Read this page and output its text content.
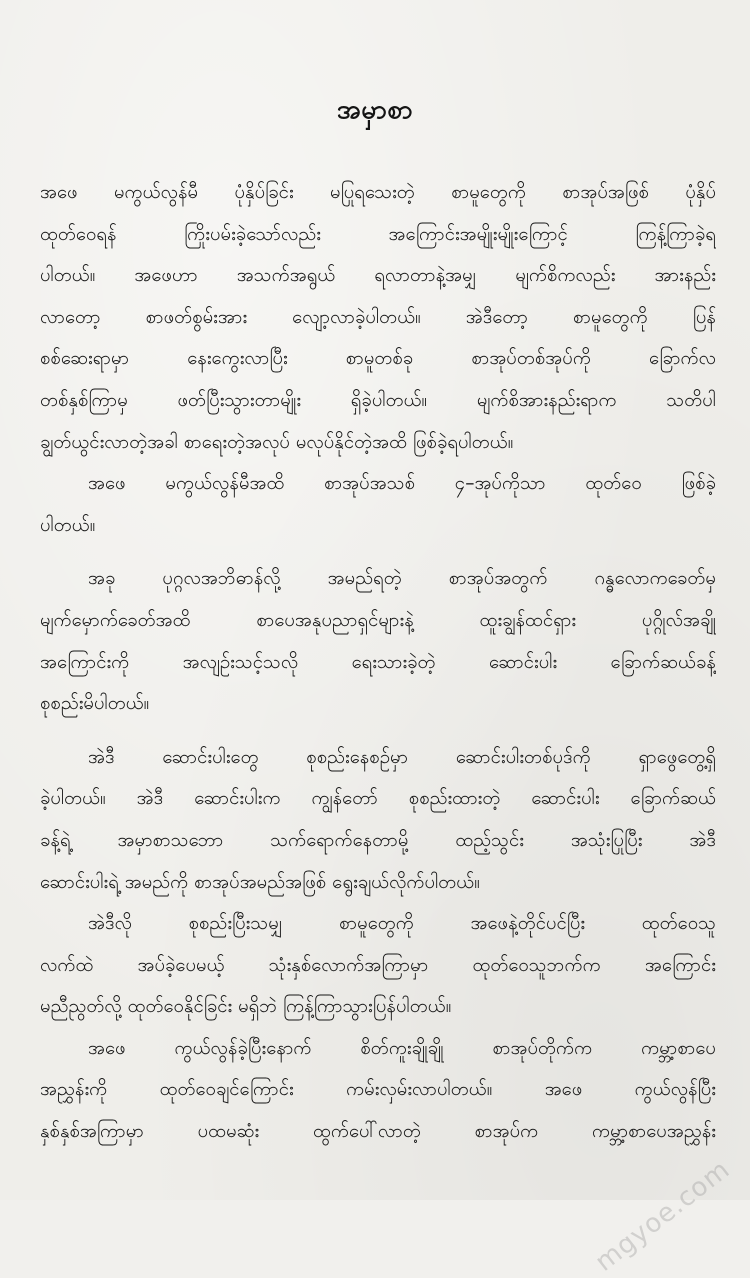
အမှာစာ

အဖေ မကွယ်လွန်မီ ပုံနှိပ်ခြင်း မပြုရသေးတဲ့ စာမူတွေကို စာအုပ်အဖြစ် ပုံနှိပ်
ထုတ်ဝေရန် ကြိုးပမ်းခဲ့သော်လည်း အကြောင်းအမျိုးမျိုးကြောင့် ကြန့်ကြာခဲ့ရ
ပါတယ်။ အဖေဟာ အသက်အရွယ် ရလာတာနဲ့အမျှ မျက်စိကလည်း အားနည်း
လာတော့ စာဖတ်စွမ်းအား လျော့လာခဲ့ပါတယ်။ အဲဒီတော့ စာမူတွေကို ပြန်
စစ်ဆေးရာမှာ နေးကွေးလာပြီး စာမူတစ်ခု စာအုပ်တစ်အုပ်ကို ခြောက်လ
တစ်နှစ်ကြာမှ ဖတ်ပြီးသွားတာမျိုး ရှိခဲ့ပါတယ်။ မျက်စိအားနည်းရာက သတိပါ
ချွတ်ယွင်းလာတဲ့အခါ စာရေးတဲ့အလုပ် မလုပ်နိုင်တဲ့အထိ ဖြစ်ခဲ့ရပါတယ်။

အဖေ မကွယ်လွန်မီအထိ စာအုပ်အသစ် ၄–အုပ်ကိုသာ ထုတ်ဝေ ဖြစ်ခဲ့
ပါတယ်။

အခု ပုဂ္ဂလအဘိဓာန်လို့ အမည်ရတဲ့ စာအုပ်အတွက် ဂန္ဓလောကခေတ်မှ
မျက်မှောက်ခေတ်အထိ စာပေအနုပညာရှင်များနဲ့ ထူးချွန်ထင်ရှား ပုဂ္ဂိုလ်အချို့
အကြောင်းကို အလျဉ်းသင့်သလို ရေးသားခဲ့တဲ့ ဆောင်းပါး ခြောက်ဆယ်ခန့်
စုစည်းမိပါတယ်။

အဲဒီ ဆောင်းပါးတွေ စုစည်းနေစဉ်မှာ ဆောင်းပါးတစ်ပုဒ်ကို ရှာဖွေတွေ့ရှိ
ခဲ့ပါတယ်။ အဲဒီ ဆောင်းပါးက ကျွန်တော် စုစည်းထားတဲ့ ဆောင်းပါး ခြောက်ဆယ်
ခန့်ရဲ့ အမှာစာသဘော သက်ရောက်နေတာမို့ ထည့်သွင်း အသုံးပြုပြီး အဲဒီ
ဆောင်းပါးရဲ့ အမည်ကို စာအုပ်အမည်အဖြစ် ရွေးချယ်လိုက်ပါတယ်။

အဲဒီလို စုစည်းပြီးသမျှ စာမူတွေကို အဖေနဲ့တိုင်ပင်ပြီး ထုတ်ဝေသူ
လက်ထဲ အပ်ခဲ့ပေမယ့် သုံးနှစ်လောက်အကြာမှာ ထုတ်ဝေသူဘက်က အကြောင်း
မညီညွတ်လို့ ထုတ်ဝေနိုင်ခြင်း မရှိဘဲ ကြန့်ကြာသွားပြန်ပါတယ်။

အဖေ ကွယ်လွန်ခဲ့ပြီးနောက် စိတ်ကူးချိုချို စာအုပ်တိုက်က ကမ္ဘာ့စာပေ
အညွှန်းကို ထုတ်ဝေချင်ကြောင်း ကမ်းလှမ်းလာပါတယ်။ အဖေ ကွယ်လွန်ပြီး
နှစ်နှစ်အကြာမှာ ပထမဆုံး ထွက်ပေါ်လာတဲ့ စာအုပ်က ကမ္ဘာ့စာပေအညွှန်း

mgyoe.com
